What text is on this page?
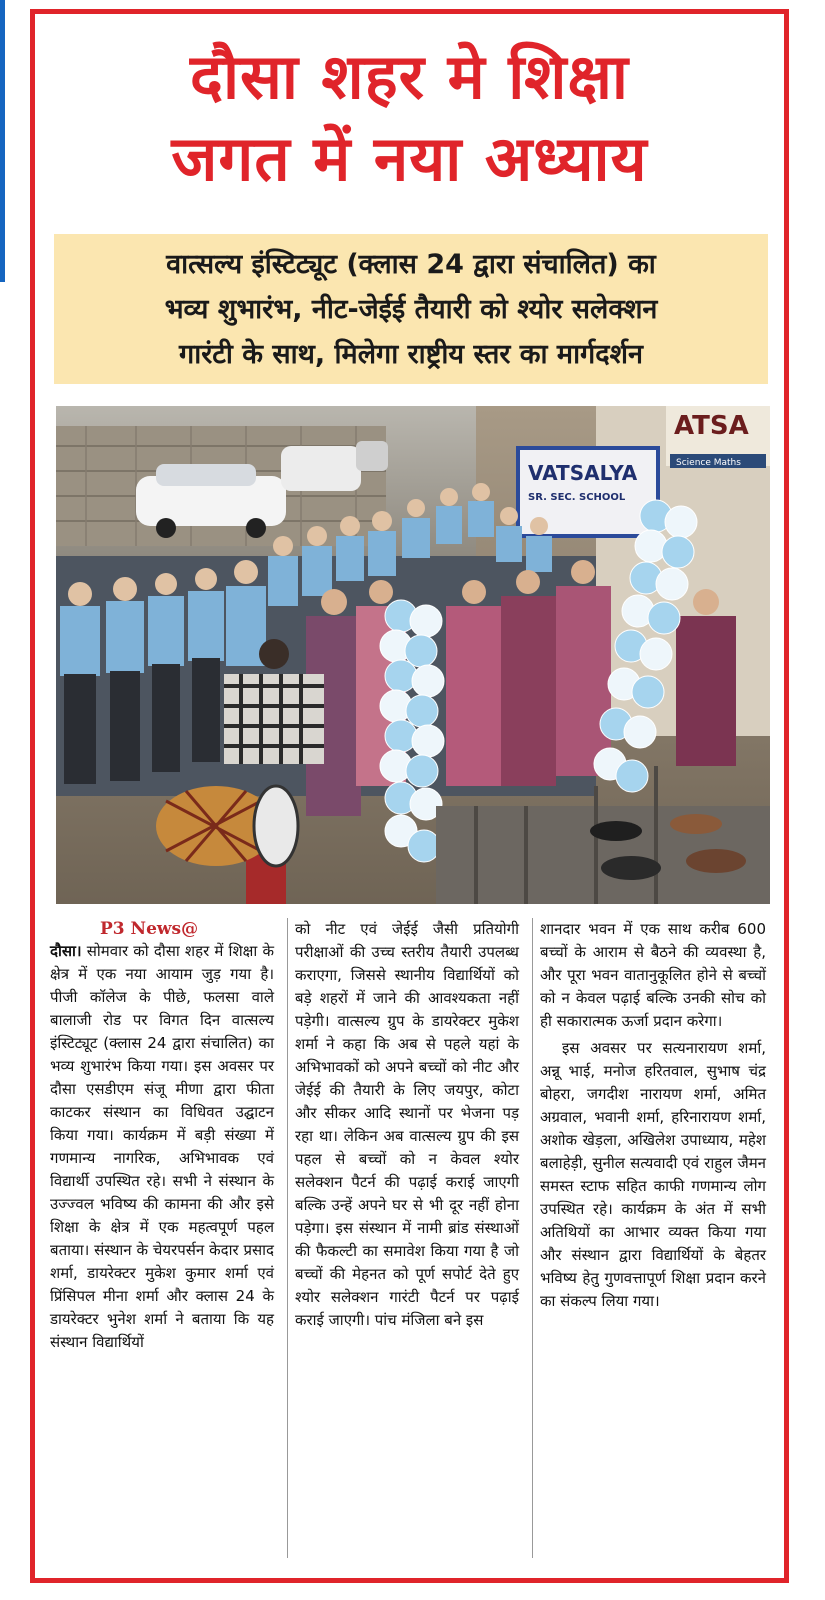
दौसा शहर मे शिक्षा
जगत में नया अध्याय
वात्सल्य इंस्टिट्यूट (क्लास 24 द्वारा संचालित) का
भव्य शुभारंभ, नीट-जेईई तैयारी को श्योर सलेक्शन
गारंटी के साथ, मिलेगा राष्ट्रीय स्तर का मार्गदर्शन
ATSA
Science Maths
VATSALYA
SR. SEC. SCHOOL
P3 News@
दौसा। सोमवार को दौसा शहर में शिक्षा के क्षेत्र में एक नया आयाम जुड़ गया है। पीजी कॉलेज के पीछे, फलसा वाले बालाजी रोड पर विगत दिन वात्सल्य इंस्टिट्यूट (क्लास 24 द्वारा संचालित) का भव्य शुभारंभ किया गया। इस अवसर पर दौसा एसडीएम संजू मीणा द्वारा फीता काटकर संस्थान का विधिवत उद्घाटन किया गया। कार्यक्रम में बड़ी संख्या में गणमान्य नागरिक, अभिभावक एवं विद्यार्थी उपस्थित रहे। सभी ने संस्थान के उज्ज्वल भविष्य की कामना की और इसे शिक्षा के क्षेत्र में एक महत्वपूर्ण पहल बताया। संस्थान के चेयरपर्सन केदार प्रसाद शर्मा, डायरेक्टर मुकेश कुमार शर्मा एवं प्रिंसिपल मीना शर्मा और क्लास 24 के डायरेक्टर भुनेश शर्मा ने बताया कि यह संस्थान विद्यार्थियों
को नीट एवं जेईई जैसी प्रतियोगी परीक्षाओं की उच्च स्तरीय तैयारी उपलब्ध कराएगा, जिससे स्थानीय विद्यार्थियों को बड़े शहरों में जाने की आवश्यकता नहीं पड़ेगी। वात्सल्य ग्रुप के डायरेक्टर मुकेश शर्मा ने कहा कि अब से पहले यहां के अभिभावकों को अपने बच्चों को नीट और जेईई की तैयारी के लिए जयपुर, कोटा और सीकर आदि स्थानों पर भेजना पड़ रहा था। लेकिन अब वात्सल्य ग्रुप की इस पहल से बच्चों को न केवल श्योर सलेक्शन पैटर्न की पढ़ाई कराई जाएगी बल्कि उन्हें अपने घर से भी दूर नहीं होना पड़ेगा। इस संस्थान में नामी ब्रांड संस्थाओं की फैकल्टी का समावेश किया गया है जो बच्चों की मेहनत को पूर्ण सपोर्ट देते हुए श्योर सलेक्शन गारंटी पैटर्न पर पढ़ाई कराई जाएगी। पांच मंजिला बने इस
शानदार भवन में एक साथ करीब 600 बच्चों के आराम से बैठने की व्यवस्था है, और पूरा भवन वातानुकूलित होने से बच्चों को न केवल पढ़ाई बल्कि उनकी सोच को ही सकारात्मक ऊर्जा प्रदान करेगा।
इस अवसर पर सत्यनारायण शर्मा, अन्नू भाई, मनोज हरितवाल, सुभाष चंद्र बोहरा, जगदीश नारायण शर्मा, अमित अग्रवाल, भवानी शर्मा, हरिनारायण शर्मा, अशोक खेड़ला, अखिलेश उपाध्याय, महेश बलाहेड़ी, सुनील सत्यवादी एवं राहुल जैमन समस्त स्टाफ सहित काफी गणमान्य लोग उपस्थित रहे। कार्यक्रम के अंत में सभी अतिथियों का आभार व्यक्त किया गया और संस्थान द्वारा विद्यार्थियों के बेहतर भविष्य हेतु गुणवत्तापूर्ण शिक्षा प्रदान करने का संकल्प लिया गया।
